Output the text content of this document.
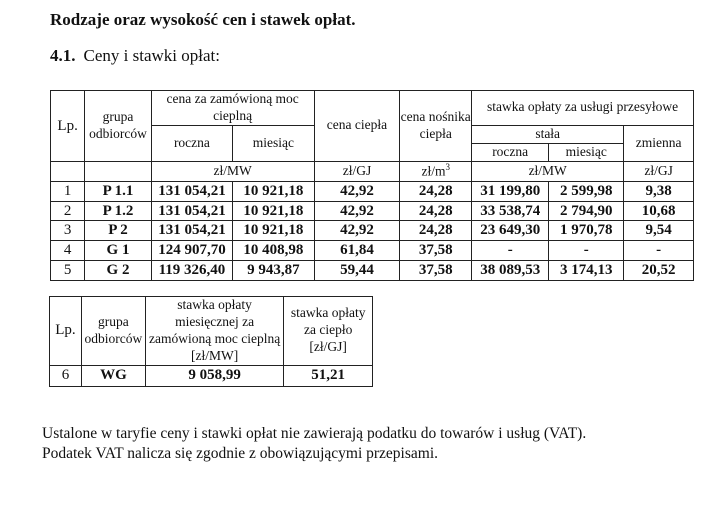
Rodzaje oraz wysokość cen i stawek opłat.

4.1. Ceny i stawki opłat:

Lp.	grupa odbiorców	cena za zamówioną moc cieplną		cena ciepła	cena nośnika ciepła	stawka opłaty za usługi przesyłowe		
		roczna	miesiąc			stała		zmienna
						roczna	miesiąc	
		zł/MW		zł/GJ	$zł/m^3$	zł/MW		zł/GJ
1	P 1.1	131 054,21	10 921,18	42,92	24,28	31 199,80	2 599,98	9,38
2	P 1.2	131 054,21	10 921,18	42,92	24,28	33 538,74	2 794,90	10,68
3	P 2	131 054,21	10 921,18	42,92	24,28	23 649,30	1 970,78	9,54
4	G 1	124 907,70	10 408,98	61,84	37,58	-	-	-
5	G 2	119 326,40	9 943,87	59,44	37,58	38 089,53	3 174,13	20,52
Lp.	grupa odbiorców	stawka opłaty miesięcznej za zamówioną moc cieplną [zł/MW]	stawka opłaty za ciepło [zł/GJ]
6	WG	9 058,99	51,21
Ustalone w taryfie ceny i stawki opłat nie zawierają podatku do towarów i usług (VAT).
Podatek VAT nalicza się zgodnie z obowiązującymi przepisami.
